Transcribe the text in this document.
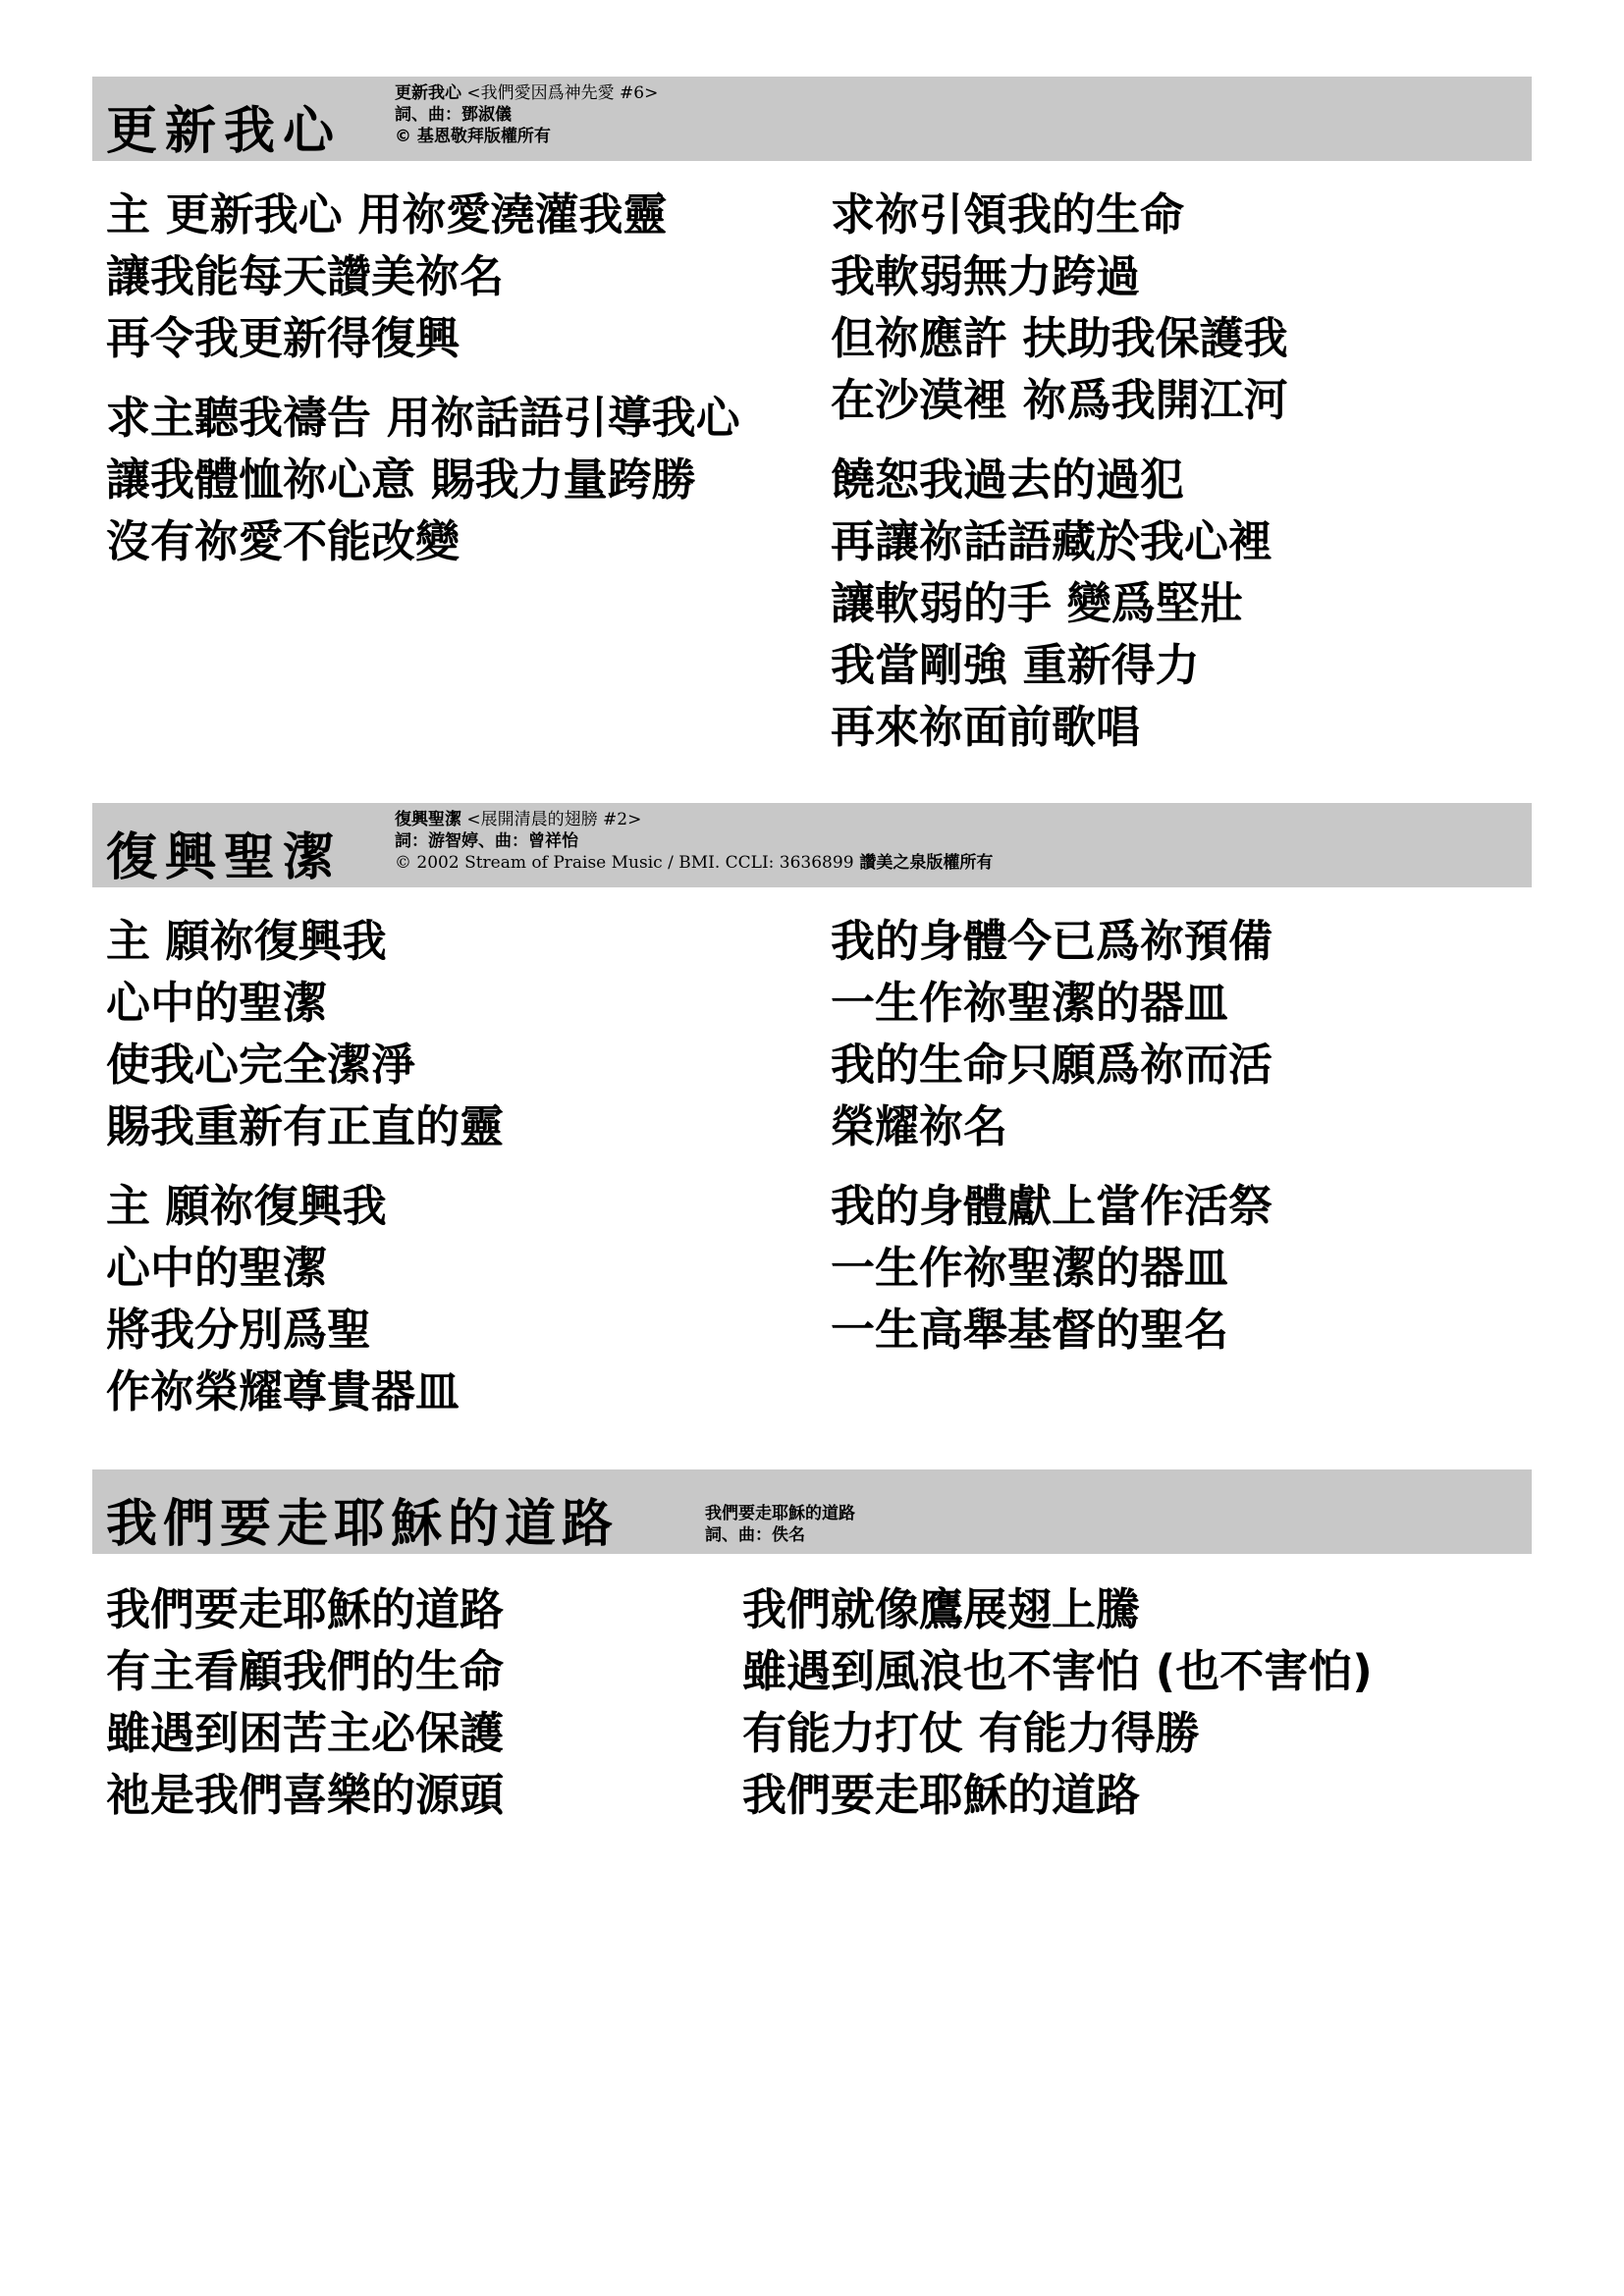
更新我心
更新我心 <我們愛因爲神先愛 #6>
詞、曲：鄧淑儀
© 基恩敬拜版權所有
主 更新我心 用祢愛澆灌我靈
讓我能每天讚美祢名
再令我更新得復興
求主聽我禱告 用祢話語引導我心
讓我體恤祢心意 賜我力量跨勝
沒有祢愛不能改變
求祢引領我的生命
我軟弱無力跨過
但祢應許 扶助我保護我
在沙漠裡 祢爲我開江河
饒恕我過去的過犯
再讓祢話語藏於我心裡
讓軟弱的手 變爲堅壯
我當剛強 重新得力
再來祢面前歌唱
復興聖潔
復興聖潔 <展開清晨的翅膀 #2>
詞：游智婷、曲：曾祥怡
© 2002 Stream of Praise Music / BMI. CCLI: 3636899 讚美之泉版權所有
主 願祢復興我
心中的聖潔
使我心完全潔淨
賜我重新有正直的靈
主 願祢復興我
心中的聖潔
將我分別爲聖
作祢榮耀尊貴器皿
我的身體今已爲祢預備
一生作祢聖潔的器皿
我的生命只願爲祢而活
榮耀祢名
我的身體獻上當作活祭
一生作祢聖潔的器皿
一生高舉基督的聖名
我們要走耶穌的道路	我們要走耶穌的道路
詞、曲：佚名
我們要走耶穌的道路
有主看顧我們的生命
雖遇到困苦主必保護
祂是我們喜樂的源頭
我們就像鷹展翅上騰
雖遇到風浪也不害怕 (也不害怕)
有能力打仗 有能力得勝
我們要走耶穌的道路
